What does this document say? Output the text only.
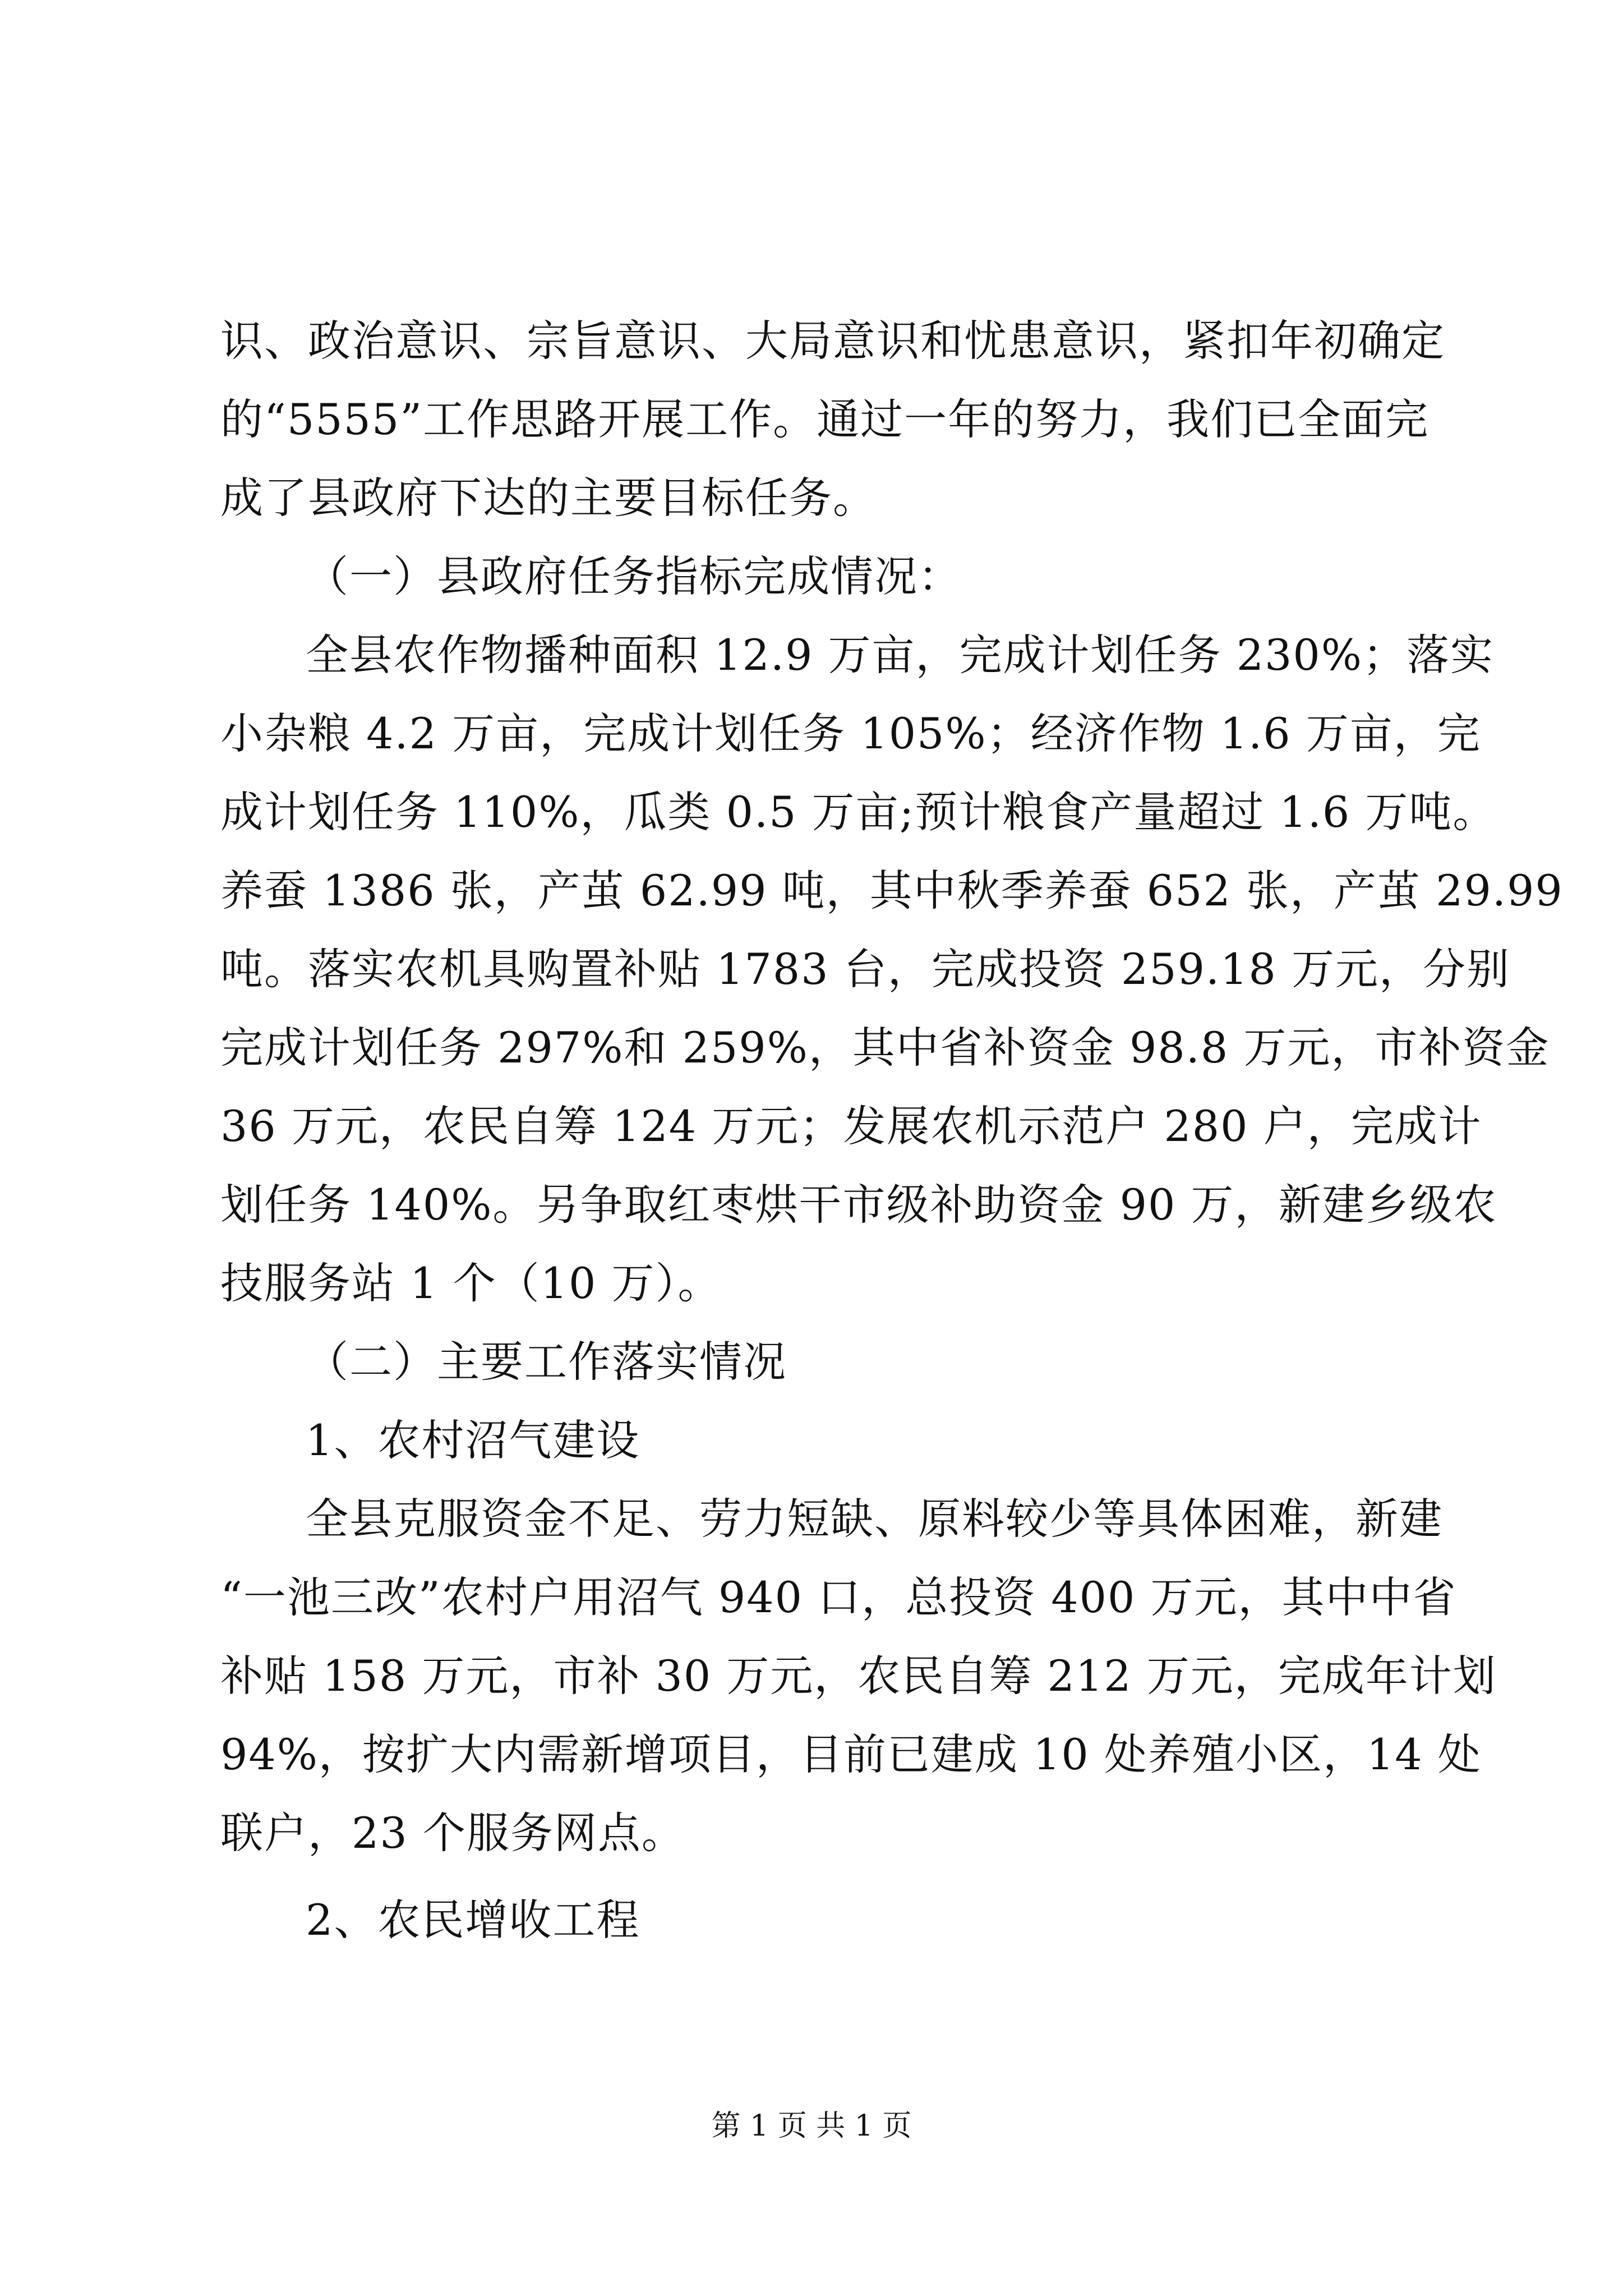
识、政治意识、宗旨意识、大局意识和忧患意识，紧扣年初确定
的“5555”工作思路开展工作。通过一年的努力，我们已全面完
成了县政府下达的主要目标任务。
（一）县政府任务指标完成情况：
全县农作物播种面积 12.9 万亩，完成计划任务 230%；落实
小杂粮 4.2 万亩，完成计划任务 105%；经济作物 1.6 万亩，完
成计划任务 110%，瓜类 0.5 万亩;预计粮食产量超过 1.6 万吨。
养蚕 1386 张，产茧 62.99 吨，其中秋季养蚕 652 张，产茧 29.99
吨。落实农机具购置补贴 1783 台，完成投资 259.18 万元，分别
完成计划任务 297%和 259%，其中省补资金 98.8 万元，市补资金
36 万元，农民自筹 124 万元；发展农机示范户 280 户，完成计
划任务 140%。另争取红枣烘干市级补助资金 90 万，新建乡级农
技服务站 1 个（10 万）。
（二）主要工作落实情况
1、农村沼气建设
全县克服资金不足、劳力短缺、原料较少等具体困难，新建
“一池三改”农村户用沼气 940 口，总投资 400 万元，其中中省
补贴 158 万元，市补 30 万元，农民自筹 212 万元，完成年计划
94%，按扩大内需新增项目，目前已建成 10 处养殖小区，14 处
联户，23 个服务网点。
2、农民增收工程
第 1 页 共 1 页
